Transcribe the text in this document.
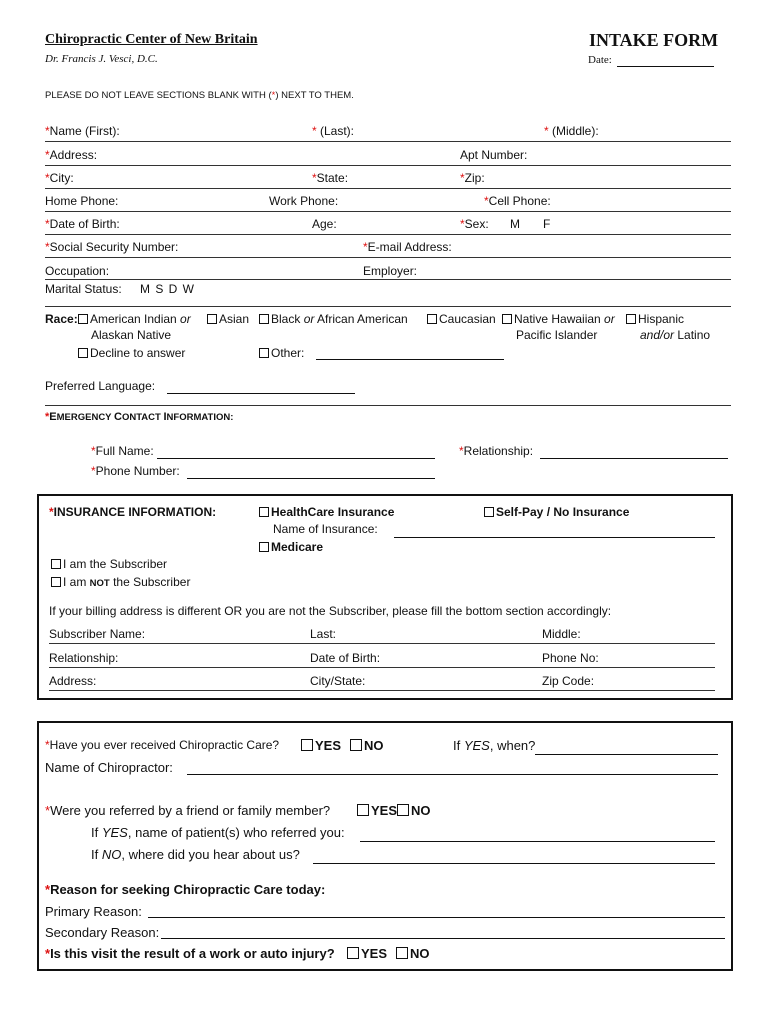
Chiropractic Center of New Britain
Dr. Francis J. Vesci, D.C.
INTAKE FORM
Date:
PLEASE DO NOT LEAVE SECTIONS BLANK WITH (*) NEXT TO THEM.
*Name (First):	* (Last):	* (Middle):
*Address:	Apt Number:
*City:	*State:	*Zip:
Home Phone:	Work Phone:	*Cell Phone:
*Date of Birth:	Age:	*Sex: M F
*Social Security Number:	*E-mail Address:
Occupation:	Employer:
Marital Status: M S D W
Race:	American Indian or
Alaskan Native
Asian	Black or African American	Caucasian	Native Hawaiian or
Pacific Islander
Hispanic
and/or Latino
Decline to answer	Other:
Preferred Language:
*EMERGENCY CONTACT INFORMATION:
*Full Name:	*Relationship:
*Phone Number:
*INSURANCE INFORMATION:	HealthCare Insurance	Self-Pay / No Insurance
Name of Insurance:
Medicare
I am the Subscriber
I am NOT the Subscriber
If your billing address is different OR you are not the Subscriber, please fill the bottom section accordingly:
Subscriber Name:	Last:	Middle:
Relationship:	Date of Birth:	Phone No:
Address:	City/State:	Zip Code:
*Have you ever received Chiropractic Care?	YES	NO	If YES, when?
Name of Chiropractor:
*Were you referred by a friend or family member?	YES	NO
If YES, name of patient(s) who referred you:
If NO, where did you hear about us?
*Reason for seeking Chiropractic Care today:
Primary Reason:
Secondary Reason:
*Is this visit the result of a work or auto injury?	YES	NO
